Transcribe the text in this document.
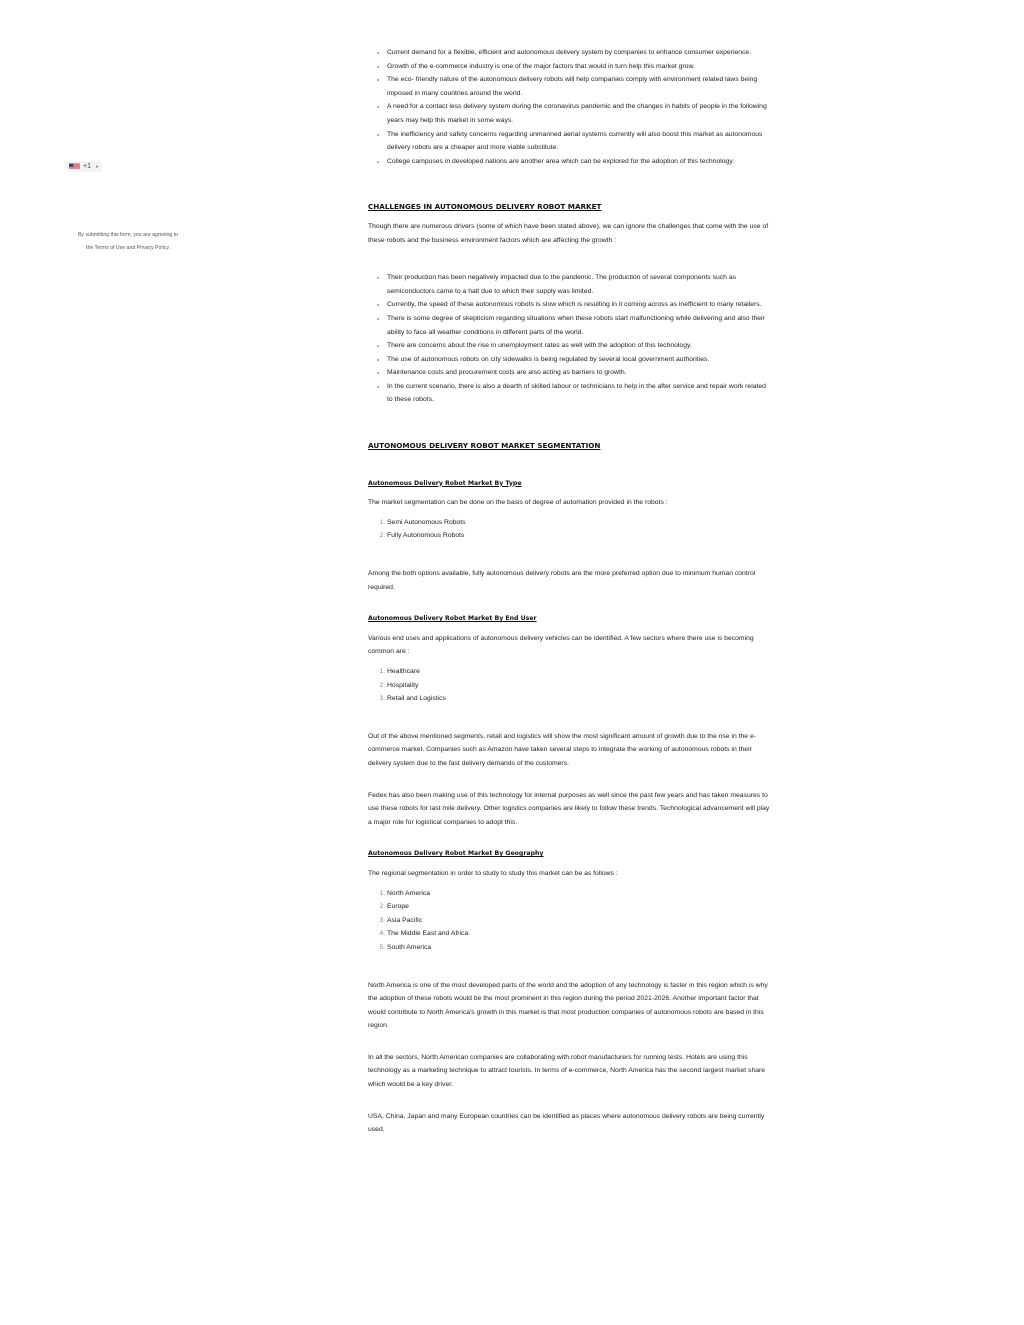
+1 ▼

By submitting this form, you are agreeing to

the Terms of Use and Privacy Policy.

• Current demand for a flexible, efficient and autonomous delivery system by companies to enhance consumer experience.
• Growth of the e-commerce industry is one of the major factors that would in turn help this market grow.
• The eco- friendly nature of the autonomous delivery robots will help companies comply with environment related laws being imposed in many countries around the world.
• A need for a contact less delivery system during the coronavirus pandemic and the changes in habits of people in the following years may help this market in some ways.
• The inefficiency and safety concerns regarding unmanned aerial systems currently will also boost this market as autonomous delivery robots are a cheaper and more viable substitute.
• College campuses in developed nations are another area which can be explored for the adoption of this technology.

CHALLENGES IN AUTONOMOUS DELIVERY ROBOT MARKET

Though there are numerous drivers (some of which have been stated above), we can ignore the challenges that come with the use of these robots and the business environment factors which are affecting the growth :

• Their production has been negatively impacted due to the pandemic. The production of several components such as semiconductors came to a halt due to which their supply was limited.
• Currently, the speed of these autonomous robots is slow which is resulting in it coming across as inefficient to many retailers.
• There is some degree of skepticism regarding situations when these robots start malfunctioning while delivering and also their ability to face all weather conditions in different parts of the world.
• There are concerns about the rise in unemployment rates as well with the adoption of this technology.
• The use of autonomous robots on city sidewalks is being regulated by several local government authorities.
• Maintenance costs and procurement costs are also acting as barriers to growth.
• In the current scenario, there is also a dearth of skilled labour or technicians to help in the after service and repair work related to these robots.

AUTONOMOUS DELIVERY ROBOT MARKET SEGMENTATION

Autonomous Delivery Robot Market By Type

The market segmentation can be done on the basis of degree of automation provided in the robots :

1. Semi Autonomous Robots
2. Fully Autonomous Robots

Among the both options available, fully autonomous delivery robots are the more preferred option due to minimum human control required.

Autonomous Delivery Robot Market By End User

Various end uses and applications of autonomous delivery vehicles can be identified. A few sectors where there use is becoming common are :

1. Healthcare
2. Hospitality
3. Retail and Logistics

Out of the above mentioned segments, retail and logistics will show the most significant amount of growth due to the rise in the e-commerce market. Companies such as Amazon have taken several steps to integrate the working of autonomous robots in their delivery system due to the fast delivery demands of the customers.

Fedex has also been making use of this technology for internal purposes as well since the past few years and has taken measures to use these robots for last mile delivery. Other logistics companies are likely to follow these trends. Technological advancement will play a major role for logistical companies to adopt this.

Autonomous Delivery Robot Market By Geography

The regional segmentation in order to study to study this market can be as follows :

1. North America
2. Europe
3. Asia Pacific
4. The Middle East and Africa
5. South America

North America is one of the most developed parts of the world and the adoption of any technology is faster in this region which is why the adoption of these robots would be the most prominent in this region during the period 2021-2026. Another important factor that would contribute to North America's growth in this market is that most production companies of autonomous robots are based in this region.

In all the sectors, North American companies are collaborating with robot manufacturers for running tests. Hotels are using this technology as a marketing technique to attract tourists. In terms of e-commerce, North America has the second largest market share which would be a key driver.

USA, China, Japan and many European countries can be identified as places where autonomous delivery robots are being currently used.
